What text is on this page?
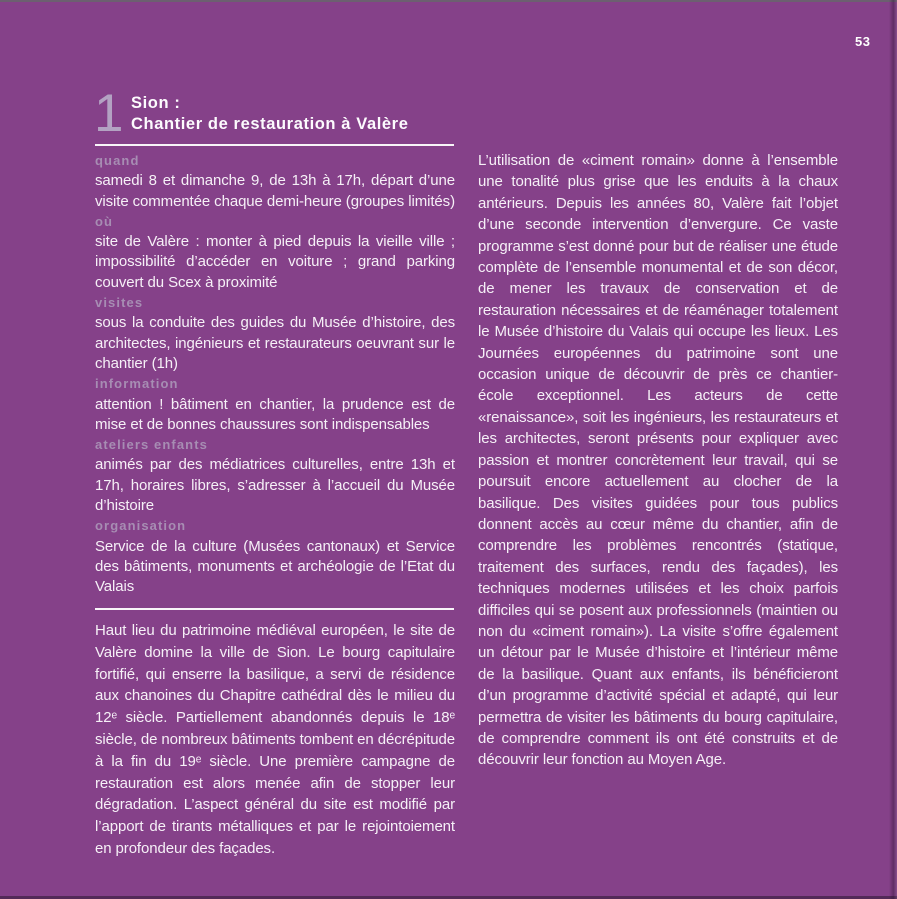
53
1 Sion :
Chantier de restauration à Valère
quand
samedi 8 et dimanche 9, de 13h à 17h, départ d’une visite commentée chaque demi-heure (groupes limités)
où
site de Valère : monter à pied depuis la vieille ville ; impossibilité d’accéder en voiture ; grand parking couvert du Scex à proximité
visites
sous la conduite des guides du Musée d’histoire, des architectes, ingénieurs et restaurateurs oeuvrant sur le chantier (1h)
information
attention ! bâtiment en chantier, la prudence est de mise et de bonnes chaussures sont indispensables
ateliers enfants
animés par des médiatrices culturelles, entre 13h et 17h, horaires libres, s’adresser à l’accueil du Musée d’histoire
organisation
Service de la culture (Musées cantonaux) et Service des bâtiments, monuments et archéologie de l’Etat du Valais
Haut lieu du patrimoine médiéval européen, le site de Valère domine la ville de Sion. Le bourg capitulaire fortifié, qui enserre la basilique, a servi de résidence aux chanoines du Chapitre cathédral dès le milieu du 12ᵉ siècle. Partiellement abandonnés depuis le 18ᵉ siècle, de nombreux bâtiments tombent en décrépitude à la fin du 19ᵉ siècle. Une première campagne de restauration est alors menée afin de stopper leur dégradation. L’aspect général du site est modifié par l’apport de tirants métalliques et par le rejointoiement en profondeur des façades.
L’utilisation de «ciment romain» donne à l’ensemble une tonalité plus grise que les enduits à la chaux antérieurs. Depuis les années 80, Valère fait l’objet d’une seconde intervention d’envergure. Ce vaste programme s’est donné pour but de réaliser une étude complète de l’ensemble monumental et de son décor, de mener les travaux de conservation et de restauration nécessaires et de réaménager totalement le Musée d’histoire du Valais qui occupe les lieux. Les Journées européennes du patrimoine sont une occasion unique de découvrir de près ce chantier-école exceptionnel. Les acteurs de cette «renaissance», soit les ingénieurs, les restaurateurs et les architectes, seront présents pour expliquer avec passion et montrer concrètement leur travail, qui se poursuit encore actuellement au clocher de la basilique. Des visites guidées pour tous publics donnent accès au cœur même du chantier, afin de comprendre les problèmes rencontrés (statique, traitement des surfaces, rendu des façades), les techniques modernes utilisées et les choix parfois difficiles qui se posent aux professionnels (maintien ou non du «ciment romain»). La visite s’offre également un détour par le Musée d’histoire et l’intérieur même de la basilique. Quant aux enfants, ils bénéficieront d’un programme d’activité spécial et adapté, qui leur permettra de visiter les bâtiments du bourg capitulaire, de comprendre comment ils ont été construits et de découvrir leur fonction au Moyen Age.
